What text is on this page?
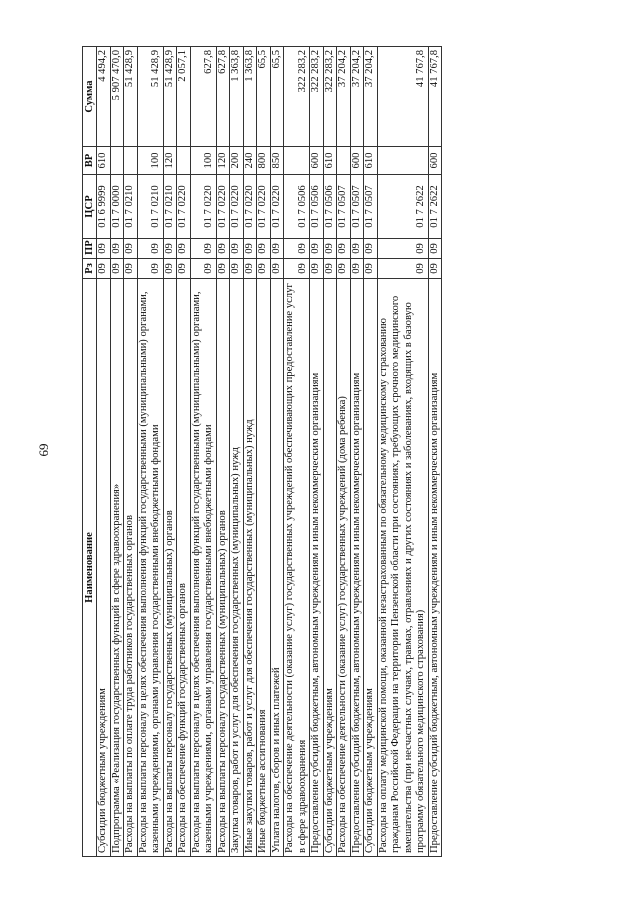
69
Наименование	Рз	ПР	ЦСР	ВР	Сумма
Субсидии бюджетным учреждениям	09	09	01 6 9999	610	4 494,2
Подпрограмма «Реализация государственных функций в сфере здравоохранения»	09	09	01 7 0000		5 907 470,0
Расходы на выплаты по оплате труда работников государственных органов	09	09	01 7 0210		51 428,9
Расходы на выплаты персоналу в целях обеспечения выполнения функций государственными (муниципальными) органами, казенными учреждениями, органами управления государственными внебюджетными фондами	09	09	01 7 0210	100	51 428,9
Расходы на выплаты персоналу государственных (муниципальных) органов	09	09	01 7 0210	120	51 428,9
Расходы на обеспечение функций государственных органов	09	09	01 7 0220		2 057,1
Расходы на выплаты персоналу в целях обеспечения выполнения функций государственными (муниципальными) органами, казенными учреждениями, органами управления государственными внебюджетными фондами	09	09	01 7 0220	100	627,8
Расходы на выплаты персоналу государственных (муниципальных) органов	09	09	01 7 0220	120	627,8
Закупка товаров, работ и услуг для обеспечения государственных (муниципальных) нужд	09	09	01 7 0220	200	1 363,8
Иные закупки товаров, работ и услуг для обеспечения государственных (муниципальных) нужд	09	09	01 7 0220	240	1 363,8
Иные бюджетные ассигнования	09	09	01 7 0220	800	65,5
Уплата налогов, сборов и иных платежей	09	09	01 7 0220	850	65,5
Расходы на обеспечение деятельности (оказание услуг) государственных учреждений обеспечивающих предоставление услуг в сфере здравоохранения	09	09	01 7 0506		322 283,2
Предоставление субсидий бюджетным, автономным учреждениям и иным некоммерческим организациям	09	09	01 7 0506	600	322 283,2
Субсидии бюджетным учреждениям	09	09	01 7 0506	610	322 283,2
Расходы на обеспечение деятельности (оказание услуг) государственных учреждений (дома ребенка)	09	09	01 7 0507		37 204,2
Предоставление субсидий бюджетным, автономным учреждениям и иным некоммерческим организациям	09	09	01 7 0507	600	37 204,2
Субсидии бюджетным учреждениям	09	09	01 7 0507	610	37 204,2
Расходы на оплату медицинской помощи, оказанной незастрахованным по обязательному медицинскому страхованию гражданам Российской Федерации на территории Пензенской области при состояниях, требующих срочного медицинского вмешательства (при несчастных случаях, травмах, отравлениях и других состояниях и заболеваниях, входящих в базовую программу обязательного медицинского страхования)	09	09	01 7 2622		41 767,8
Предоставление субсидий бюджетным, автономным учреждениям и иным некоммерческим организациям	09	09	01 7 2622	600	41 767,8
